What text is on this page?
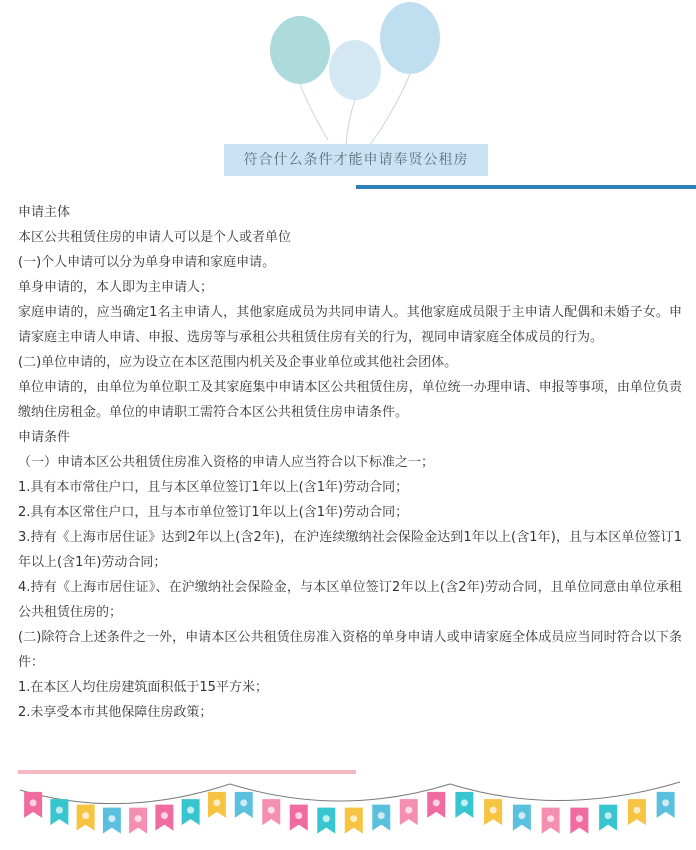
符合什么条件才能申请奉贤公租房

申请主体

本区公共租赁住房的申请人可以是个人或者单位

(一)个人申请可以分为单身申请和家庭申请。

单身申请的，本人即为主申请人；

家庭申请的，应当确定1名主申请人，其他家庭成员为共同申请人。其他家庭成员限于主申请人配偶和未婚子女。申请家庭主申请人申请、申报、选房等与承租公共租赁住房有关的行为，视同申请家庭全体成员的行为。

(二)单位申请的，应为设立在本区范围内机关及企事业单位或其他社会团体。

单位申请的，由单位为单位职工及其家庭集中申请本区公共租赁住房，单位统一办理申请、申报等事项，由单位负责缴纳住房租金。单位的申请职工需符合本区公共租赁住房申请条件。

申请条件

（一）申请本区公共租赁住房准入资格的申请人应当符合以下标准之一；

1.具有本市常住户口，且与本区单位签订1年以上(含1年)劳动合同；

2.具有本区常住户口，且与本市单位签订1年以上(含1年)劳动合同；

3.持有《上海市居住证》达到2年以上(含2年)，在沪连续缴纳社会保险金达到1年以上(含1年)，且与本区单位签订1年以上(含1年)劳动合同；

4.持有《上海市居住证》、在沪缴纳社会保险金，与本区单位签订2年以上(含2年)劳动合同，且单位同意由单位承租公共租赁住房的；

(二)除符合上述条件之一外，申请本区公共租赁住房准入资格的单身申请人或申请家庭全体成员应当同时符合以下条件：

1.在本区人均住房建筑面积低于15平方米；

2.未享受本市其他保障住房政策；
